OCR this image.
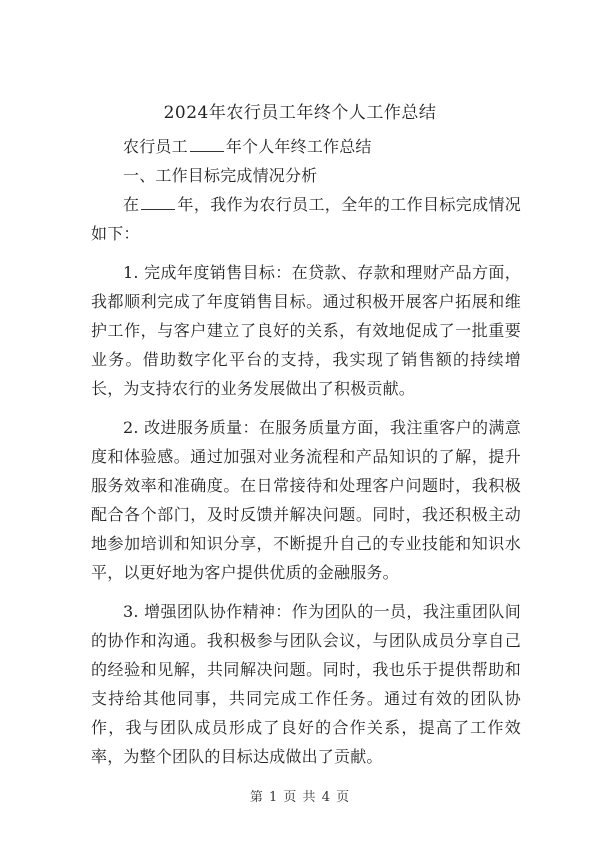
2024年农行员工年终个人工作总结

农行员工 年个人年终工作总结

一、工作目标完成情况分析

在 年，我作为农行员工，全年的工作目标完成情况如下：

1. 完成年度销售目标：在贷款、存款和理财产品方面，我都顺利完成了年度销售目标。通过积极开展客户拓展和维护工作，与客户建立了良好的关系，有效地促成了一批重要业务。借助数字化平台的支持，我实现了销售额的持续增长，为支持农行的业务发展做出了积极贡献。

2. 改进服务质量：在服务质量方面，我注重客户的满意度和体验感。通过加强对业务流程和产品知识的了解，提升服务效率和准确度。在日常接待和处理客户问题时，我积极配合各个部门，及时反馈并解决问题。同时，我还积极主动地参加培训和知识分享，不断提升自己的专业技能和知识水平，以更好地为客户提供优质的金融服务。

3. 增强团队协作精神：作为团队的一员，我注重团队间的协作和沟通。我积极参与团队会议，与团队成员分享自己的经验和见解，共同解决问题。同时，我也乐于提供帮助和支持给其他同事，共同完成工作任务。通过有效的团队协作，我与团队成员形成了良好的合作关系，提高了工作效率，为整个团队的目标达成做出了贡献。

第 1 页 共 4 页
